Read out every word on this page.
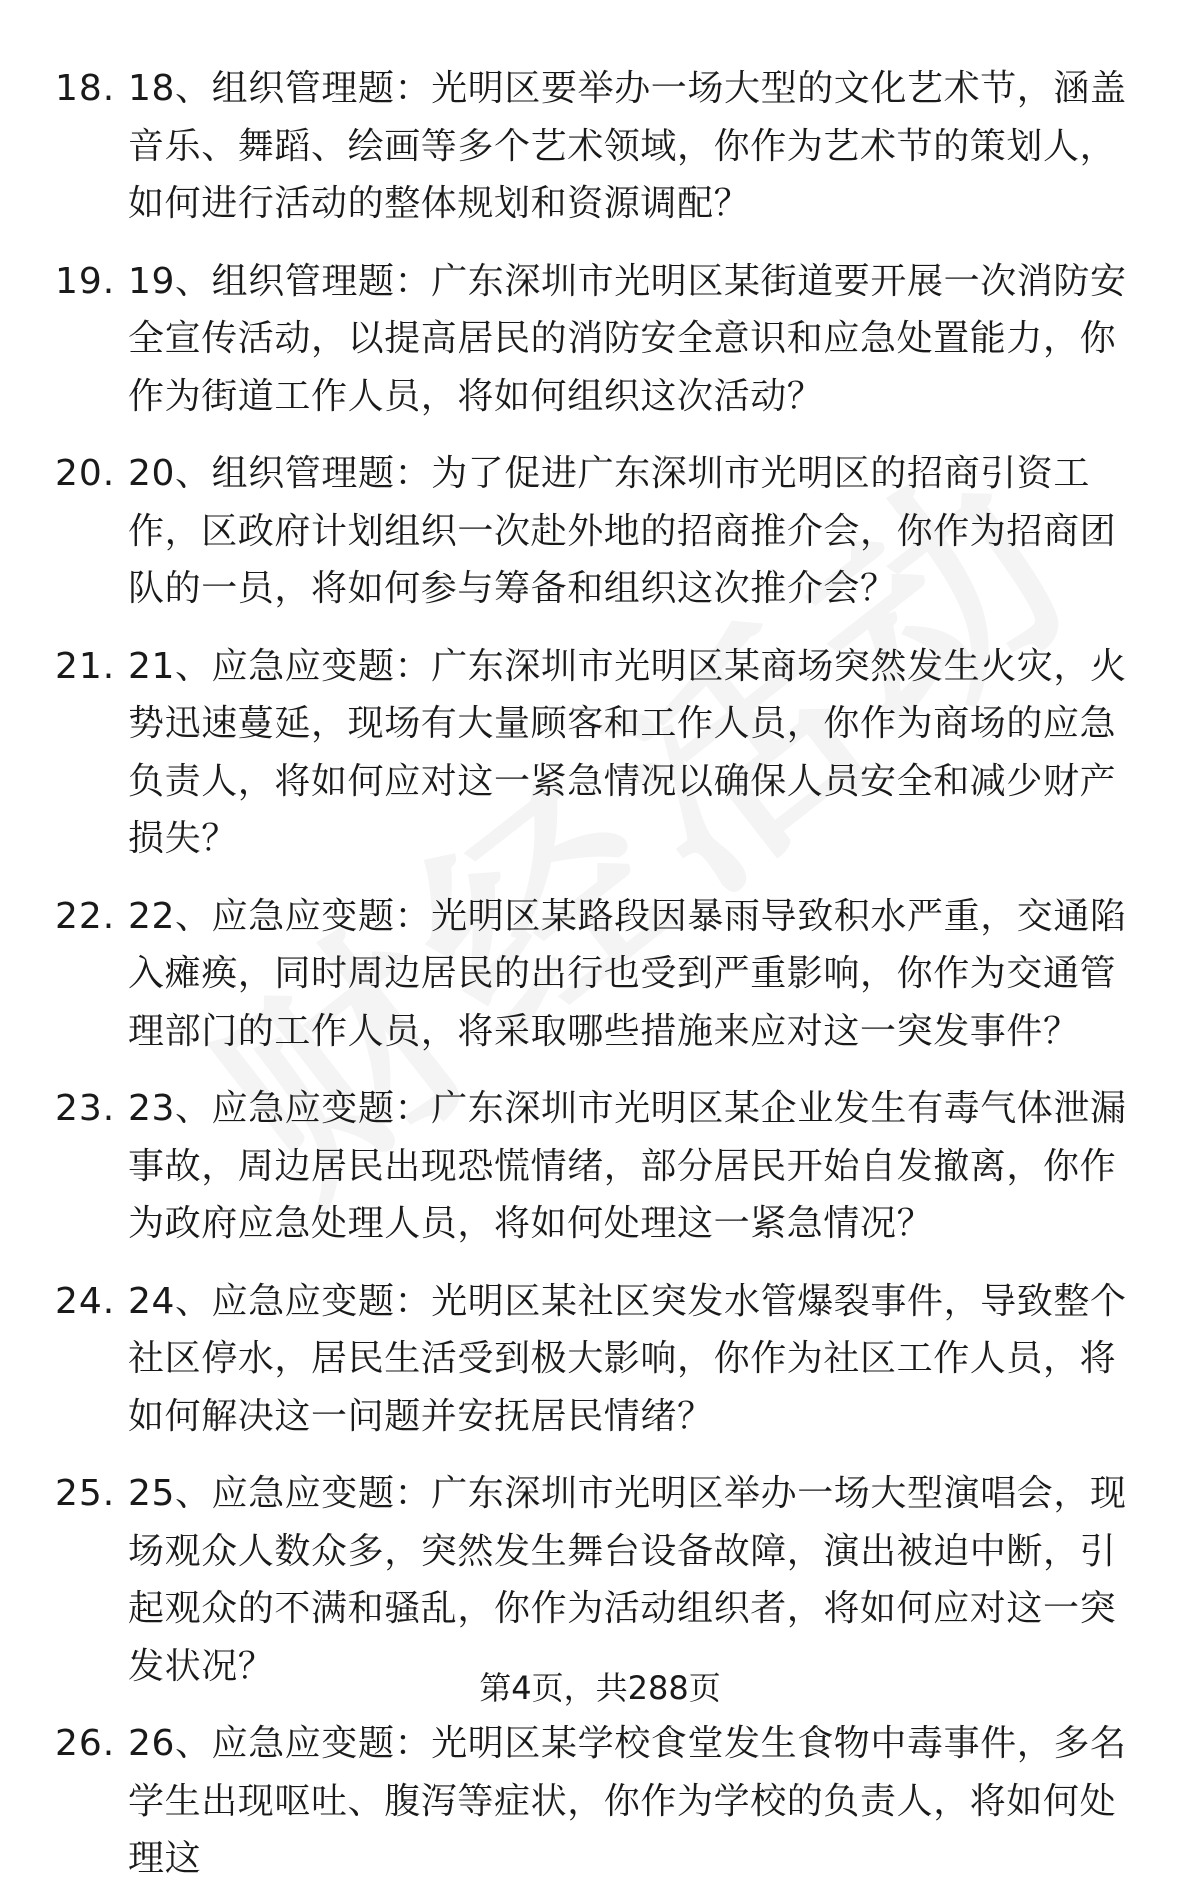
18. 18、组织管理题：光明区要举办一场大型的文化艺术节，涵盖音乐、舞蹈、绘画等多个艺术领域，你作为艺术节的策划人，如何进行活动的整体规划和资源调配？
19. 19、组织管理题：广东深圳市光明区某街道要开展一次消防安全宣传活动，以提高居民的消防安全意识和应急处置能力，你作为街道工作人员，将如何组织这次活动？
20. 20、组织管理题：为了促进广东深圳市光明区的招商引资工作，区政府计划组织一次赴外地的招商推介会，你作为招商团队的一员，将如何参与筹备和组织这次推介会？
21. 21、应急应变题：广东深圳市光明区某商场突然发生火灾，火势迅速蔓延，现场有大量顾客和工作人员，你作为商场的应急负责人，将如何应对这一紧急情况以确保人员安全和减少财产损失？
22. 22、应急应变题：光明区某路段因暴雨导致积水严重，交通陷入瘫痪，同时周边居民的出行也受到严重影响，你作为交通管理部门的工作人员，将采取哪些措施来应对这一突发事件？
23. 23、应急应变题：广东深圳市光明区某企业发生有毒气体泄漏事故，周边居民出现恐慌情绪，部分居民开始自发撤离，你作为政府应急处理人员，将如何处理这一紧急情况？
24. 24、应急应变题：光明区某社区突发水管爆裂事件，导致整个社区停水，居民生活受到极大影响，你作为社区工作人员，将如何解决这一问题并安抚居民情绪？
25. 25、应急应变题：广东深圳市光明区举办一场大型演唱会，现场观众人数众多，突然发生舞台设备故障，演出被迫中断，引起观众的不满和骚乱，你作为活动组织者，将如何应对这一突发状况？
26. 26、应急应变题：光明区某学校食堂发生食物中毒事件，多名学生出现呕吐、腹泻等症状，你作为学校的负责人，将如何处理这
第4页，共288页
